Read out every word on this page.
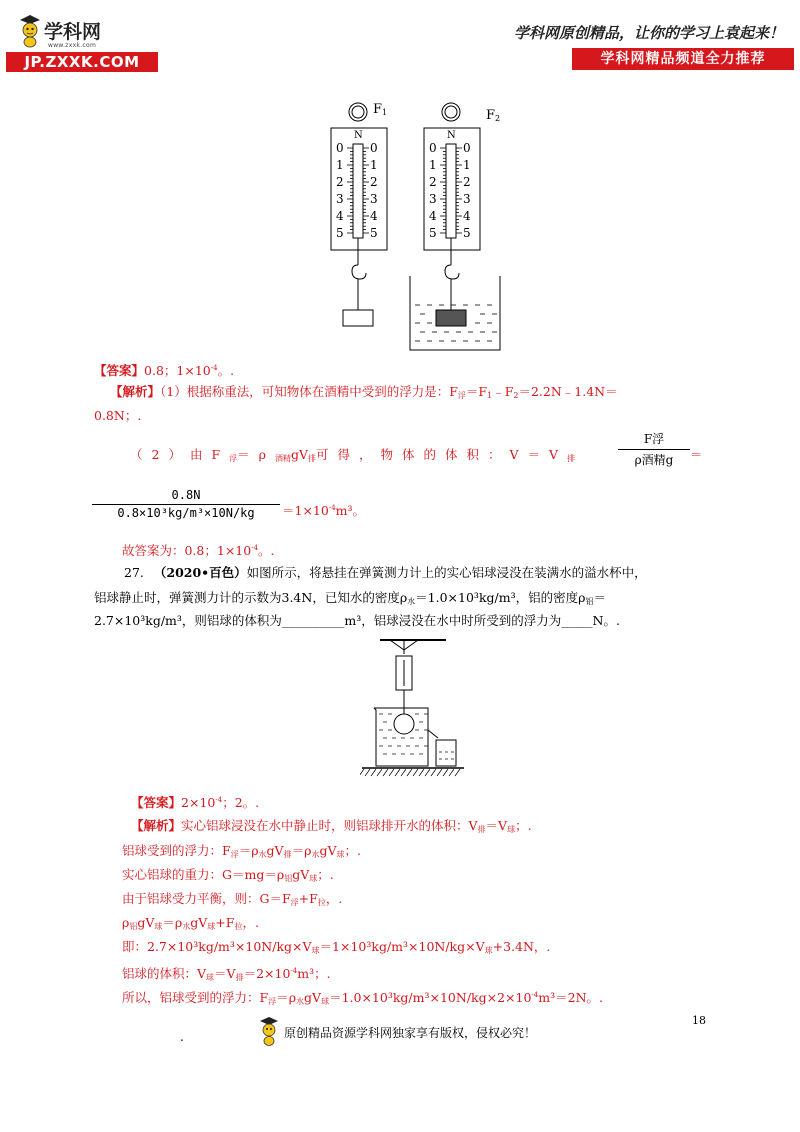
学科网
www.zxxk.com
JP.ZXXK.COM
学科网原创精品，让你的学习上袁起来！
学科网精品频道全力推荐
$F_1$	$F_2$
N	N
0 0
1 1
2 2
3 3
4 4
5 5
0 0
1 1
2 2
3 3
4 4
5 5
【答案】0.8；$1\times 10^{-4}$。.
【解析】（1）根据称重法，可知物体在酒精中受到的浮力是：$F_浮=F_1﹣F_2=2.2N﹣1.4N=$
0.8N；.
（2）由$F_浮=\rho_{酒精}gV_排$可得，物体的体积：$V=V_排$
F浮
ρ酒精g	＝
$\frac{0.8N}{\text{0.8×10³kg/m³×10N/kg}} =1\times 10^{-4}m^3$。
故答案为：0.8；$1\times 10^{-4}$。.
27. （2020•百色）如图所示，将悬挂在弹簧测力计上的实心铝球浸没在装满水的溢水杯中，
铝球静止时，弹簧测力计的示数为3.4N，已知水的密度$\rho_水=1.0\times 10^3kg/m^3$，铝的密度$\rho_铝=$
2.7×10³kg/m³，则铝球的体积为__________m³，铝球浸没在水中时所受到的浮力为_____N。.
【答案】$2\times 10^{-4}$；2。.
【解析】实心铝球浸没在水中静止时，则铝球排开水的体积：$V_排=V_球$；.
铝球受到的浮力：$F_浮=\rho_水gV_排=\rho_水gV_球$；.
实心铝球的重力：$G=mg=\rho_铝gV_球$；.
由于铝球受力平衡，则：$G=F_浮+F_拉$，.
$\rho_铝gV_球=\rho_水gV_球+F_拉$，.
即：$2.7\times 10^3kg/m^3\times 10N/kg\times V_球=1\times 10^3kg/m^3\times 10N/kg\times V_球+3.4N$，.
铝球的体积：$V_球=V_排=2\times 10^{-4}m^3$；.
所以，铝球受到的浮力：$F_浮=\rho_水gV_球=1.0\times 10^3kg/m^3\times 10N/kg\times 2\times 10^{-4}m^3=2N$。.
18
.	原创精品资源学科网独家享有版权，侵权必究！
